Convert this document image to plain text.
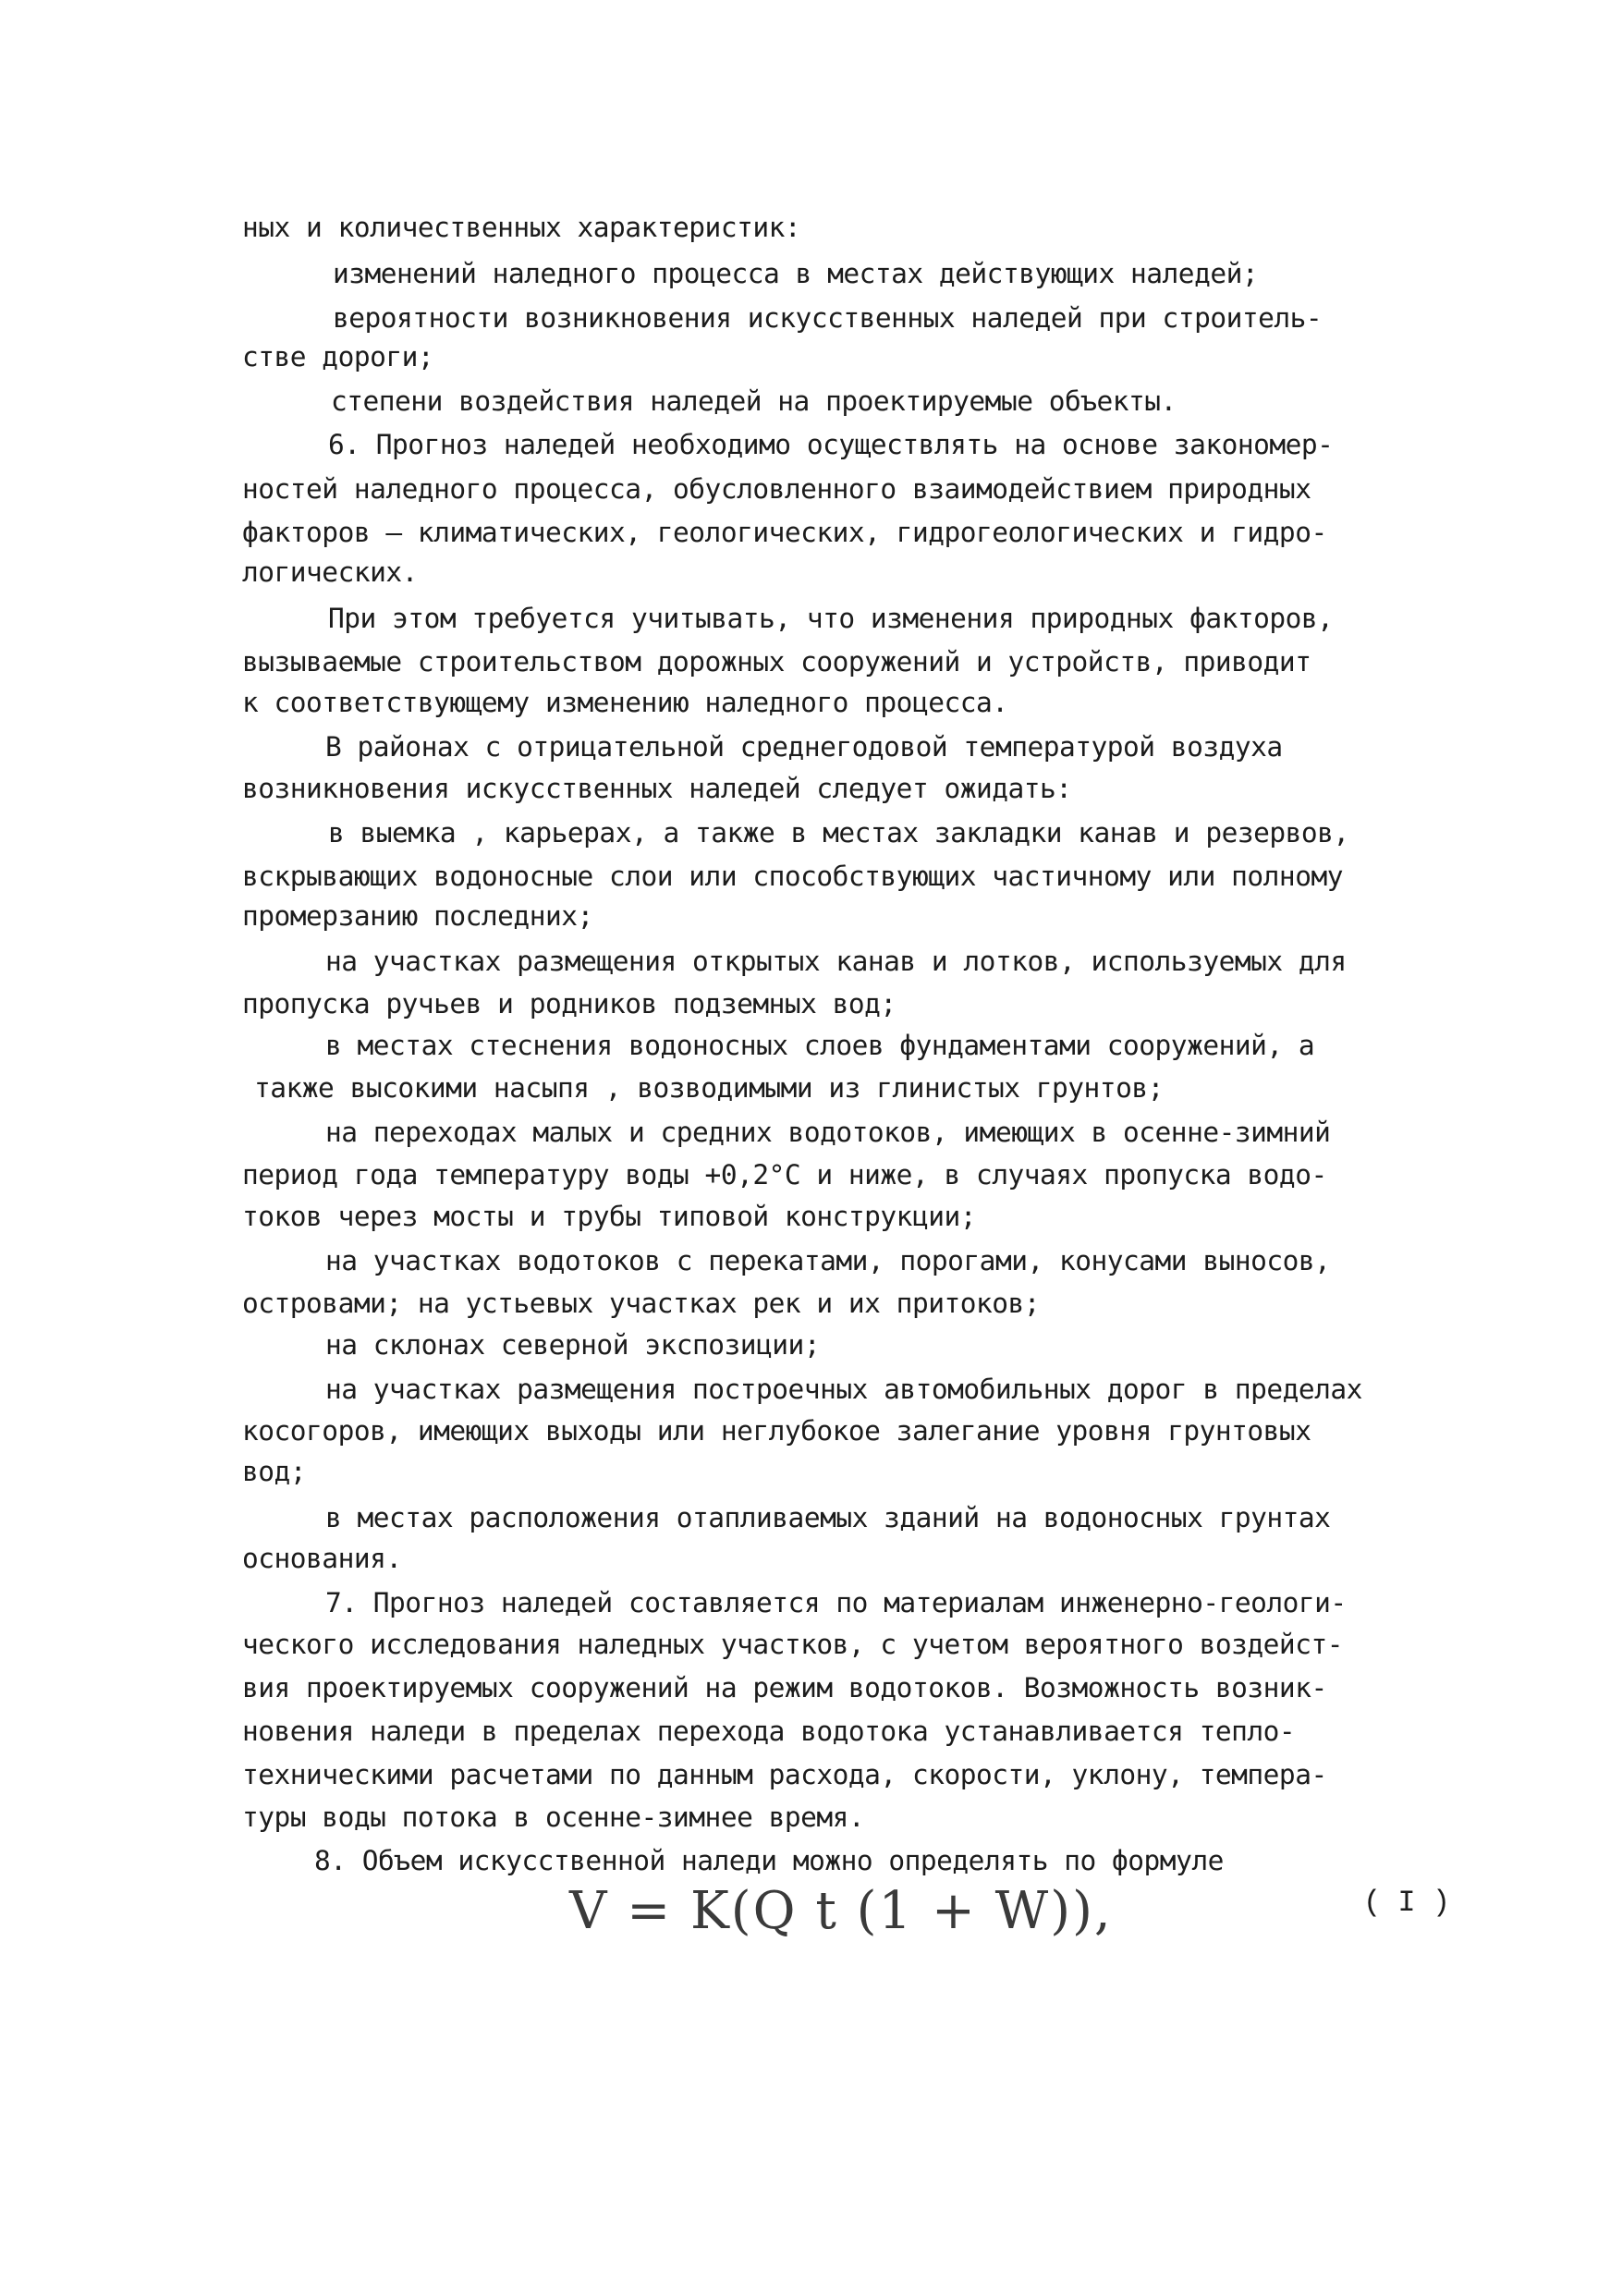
ных и количественных характеристик:
изменений наледного процесса в местах действующих наледей;
вероятности возникновения искусственных наледей при строитель-
стве дороги;
степени воздействия наледей на проектируемые объекты.
6. Прогноз наледей необходимо осуществлять на основе закономер-
ностей наледного процесса, обусловленного взаимодействием природных
факторов – климатических, геологических, гидрогеологических и гидро-
логических.
При этом требуется учитывать, что изменения природных факторов,
вызываемые строительством дорожных сооружений и устройств, приводит
к соответствующему изменению наледного процесса.
В районах с отрицательной среднегодовой температурой воздуха
возникновения искусственных наледей следует ожидать:
в выемка , карьерах, а также в местах закладки канав и резервов,
вскрывающих водоносные слои или способствующих частичному или полному
промерзанию последних;
на участках размещения открытых канав и лотков, используемых для
пропуска ручьев и родников подземных вод;
в местах стеснения водоносных слоев фундаментами сооружений, а
также высокими насыпя , возводимыми из глинистых грунтов;
на переходах малых и средних водотоков, имеющих в осенне-зимний
период года температуру воды +0,2°С и ниже, в случаях пропуска водо-
токов через мосты и трубы типовой конструкции;
на участках водотоков с перекатами, порогами, конусами выносов,
островами; на устьевых участках рек и их притоков;
на склонах северной экспозиции;
на участках размещения построечных автомобильных дорог в пределах
косогоров, имеющих выходы или неглубокое залегание уровня грунтовых
вод;
в местах расположения отапливаемых зданий на водоносных грунтах
основания.
7. Прогноз наледей составляется по материалам инженерно-геологи-
ческого исследования наледных участков, с учетом вероятного воздейст-
вия проектируемых сооружений на режим водотоков. Возможность возник-
новения наледи в пределах перехода водотока устанавливается тепло-
техническими расчетами по данным расхода, скорости, уклону, темпера-
туры воды потока в осенне-зимнее время.
8. Объем искусственной наледи можно определять по формуле
V = K(Q t (1 + W)),	( I )
